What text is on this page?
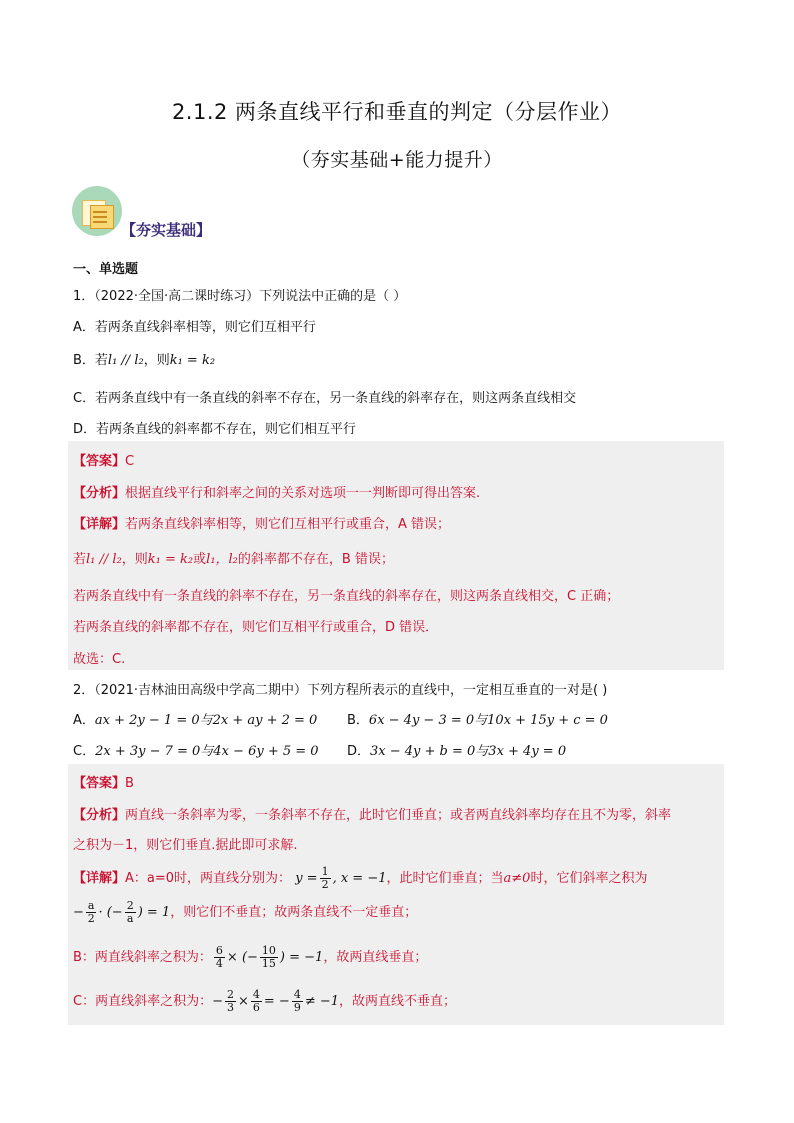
2.1.2 两条直线平行和垂直的判定（分层作业）
（夯实基础+能力提升）
【夯实基础】
一、单选题
1．（2022·全国·高二课时练习）下列说法中正确的是（ ）
A．若两条直线斜率相等，则它们互相平行
B．若l₁ // l₂，则k₁ = k₂
C．若两条直线中有一条直线的斜率不存在，另一条直线的斜率存在，则这两条直线相交
D．若两条直线的斜率都不存在，则它们相互平行
【答案】C
【分析】根据直线平行和斜率之间的关系对选项一一判断即可得出答案.
【详解】若两条直线斜率相等，则它们互相平行或重合，A 错误；
若l₁ // l₂，则k₁ = k₂或l₁，l₂的斜率都不存在，B 错误；
若两条直线中有一条直线的斜率不存在，另一条直线的斜率存在，则这两条直线相交，C 正确；
若两条直线的斜率都不存在，则它们互相平行或重合，D 错误．
故选：C.
2．（2021·吉林油田高级中学高二期中）下列方程所表示的直线中，一定相互垂直的一对是( )
A．ax + 2y − 1 = 0与2x + ay + 2 = 0 B．6x − 4y − 3 = 0与10x + 15y + c = 0
C．2x + 3y − 7 = 0与4x − 6y + 5 = 0 D．3x − 4y + b = 0与3x + 4y = 0
【答案】B
【分析】两直线一条斜率为零，一条斜率不存在，此时它们垂直；或者两直线斜率均存在且不为零，斜率
之积为－1，则它们垂直.据此即可求解.
【详解】A：a=0时，两直线分别为： $y = \frac{1}{2}$ , x = −1，此时它们垂直；当a≠0时，它们斜率之积为
− $\frac{a}{2}$ · (− $\frac{2}{a}$ ) = 1，则它们不垂直；故两条直线不一定垂直；
B：两直线斜率之积为： $\frac{6}{4}$ × (− $\frac{10}{15}$ ) = −1，故两直线垂直；
C：两直线斜率之积为：− $\frac{2}{3} \times \frac{4}{6}$ = − $\frac{4}{9} \ne -1$，故两直线不垂直；
